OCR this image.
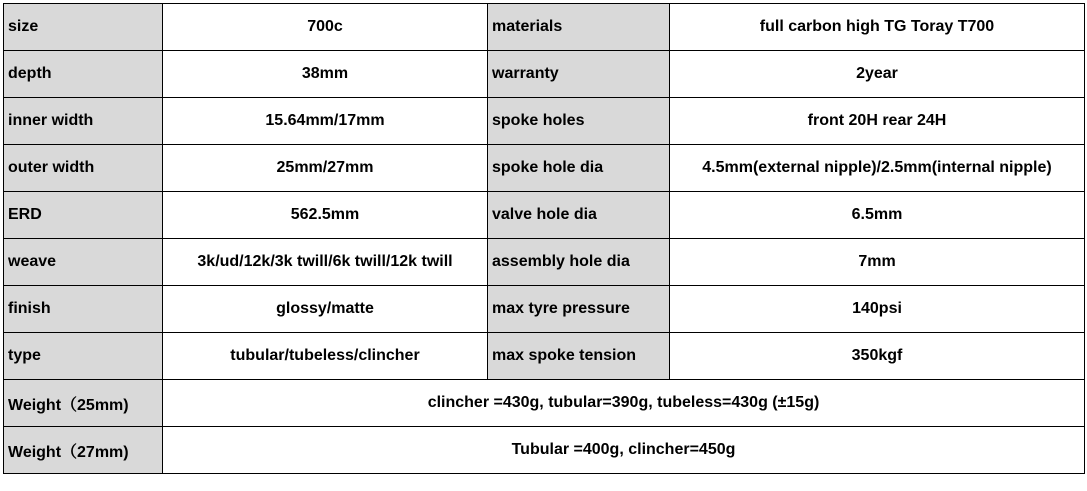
size	700c	materials	full carbon high TG Toray T700
depth	38mm	warranty	2year
inner width	15.64mm/17mm	spoke holes	front 20H rear 24H
outer width	25mm/27mm	spoke hole dia	4.5mm(external nipple)/2.5mm(internal nipple)
ERD	562.5mm	valve hole dia	6.5mm
weave	3k/ud/12k/3k twill/6k twill/12k twill	assembly hole dia	7mm
finish	glossy/matte	max tyre pressure	140psi
type	tubular/tubeless/clincher	max spoke tension	350kgf
Weight（25mm)	clincher =430g, tubular=390g, tubeless=430g (±15g)		
Weight（27mm)	Tubular =400g, clincher=450g		
